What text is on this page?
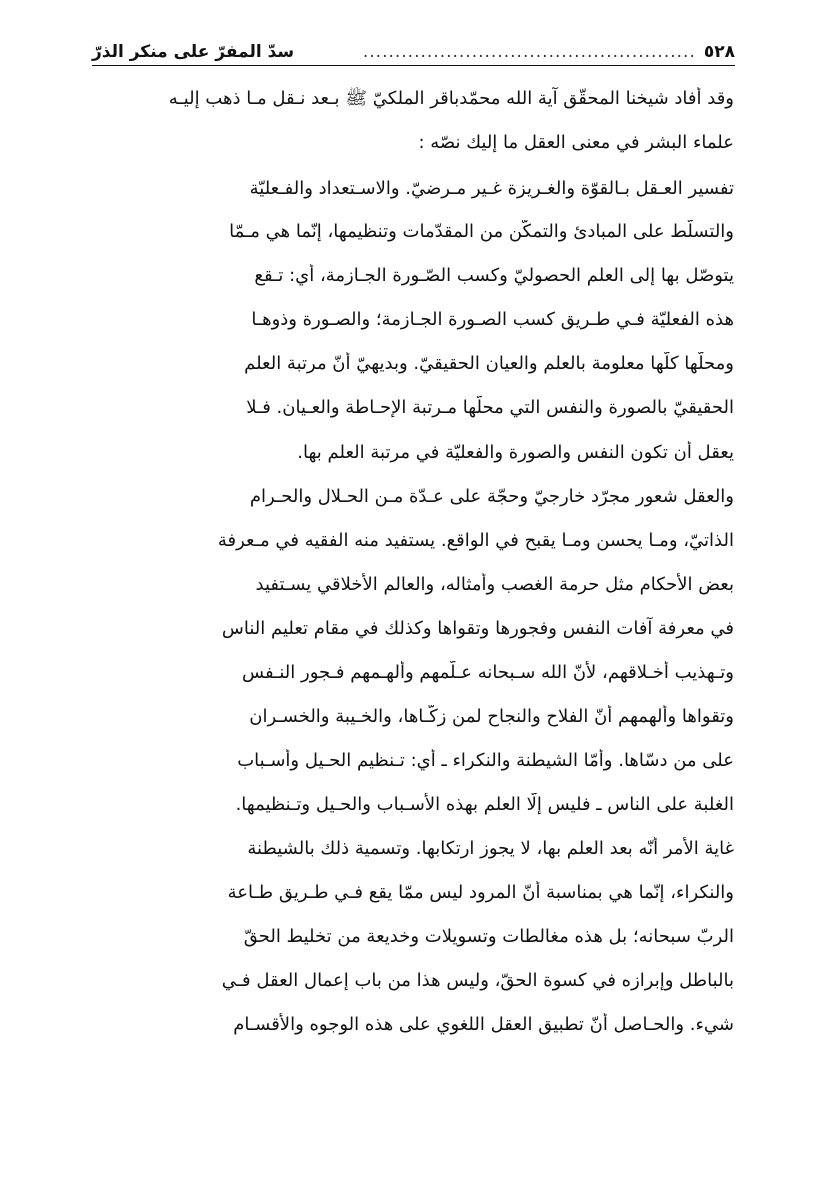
٥٢٨
....................................................
سدّ المفرّ على منكر الذرّ
وقد أفاد شيخنا المحقّق آية الله محمّدباقر الملكيّ ﷺ بـعد نـقل مـا ذهب إليـه
علماء البشر في معنى العقل ما إليك نصّه :
تفسير العـقل بـالقوّة والغـريزة غـير مـرضيّ. والاسـتعداد والفـعليّة
والتسلّط على المبادئ والتمكّن من المقدّمات وتنظيمها، إنّما هي مـمّا
يتوصّل بها إلى العلم الحصوليّ وكسب الصّـورة الجـازمة، أي: تـقع
هذه الفعليّة فـي طـريق كسب الصـورة الجـازمة؛ والصـورة وذوهـا
ومحلّها كلّها معلومة بالعلم والعيان الحقيقيّ. وبديهيّ أنّ مرتبة العلم
الحقيقيّ بالصورة والنفس التي محلّها مـرتبة الإحـاطة والعـيان. فـلا
يعقل أن تكون النفس والصورة والفعليّة في مرتبة العلم بها.
والعقل شعور مجرّد خارجيّ وحجّة على عـدّة مـن الحـلال والحـرام
الذاتيّ، ومـا يحسن ومـا يقبح في الواقع. يستفيد منه الفقيه في مـعرفة
بعض الأحكام مثل حرمة الغصب وأمثاله، والعالم الأخلاقي يسـتفيد
في معرفة آفات النفس وفجورها وتقواها وكذلك في مقام تعليم الناس
وتـهذيب أخـلاقهم، لأنّ الله سـبحانه عـلّمهم وألهـمهم فـجور النـفس
وتقواها وألهمهم أنّ الفلاح والنجاح لمن زكّـاها، والخـيبة والخسـران
على من دسّاها. وأمّا الشيطنة والنكراء ـ أي: تـنظيم الحـيل وأسـباب
الغلبة على الناس ـ فليس إلّا العلم بهذه الأسـباب والحـيل وتـنظيمها.
غاية الأمر أنّه بعد العلم بها، لا يجوز ارتكابها. وتسمية ذلك بالشيطنة
والنكراء، إنّما هي بمناسبة أنّ المرود ليس ممّا يقع فـي طـريق طـاعة
الربّ سبحانه؛ بل هذه مغالطات وتسويلات وخديعة من تخليط الحقّ
بالباطل وإبرازه في كسوة الحقّ، وليس هذا من باب إعمال العقل فـي
شيء. والحـاصل أنّ تطبيق العقل اللغوي على هذه الوجوه والأقسـام
